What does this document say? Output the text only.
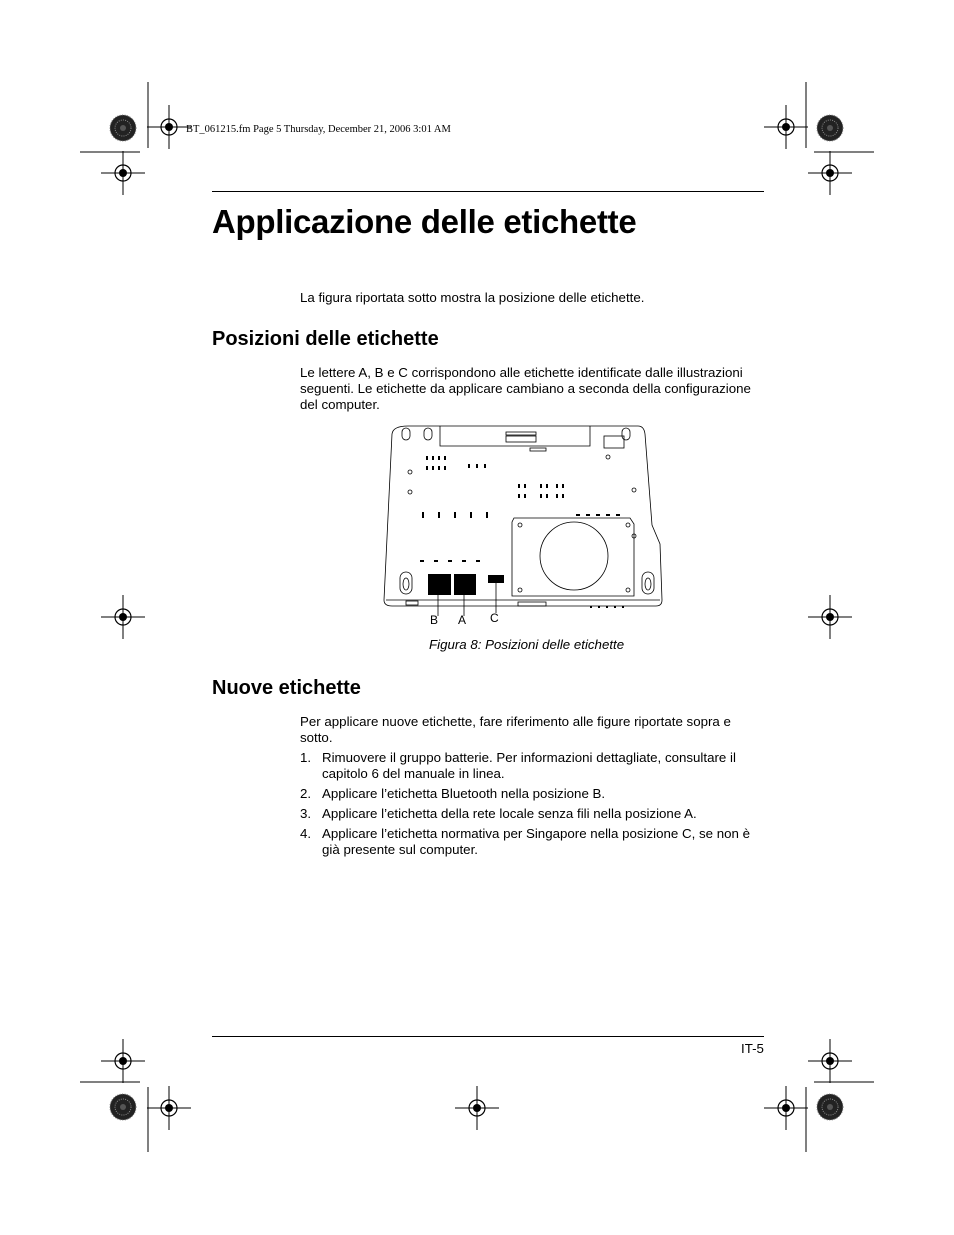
BT_061215.fm Page 5 Thursday, December 21, 2006 3:01 AM
Applicazione delle etichette

La figura riportata sotto mostra la posizione delle etichette.

Posizioni delle etichette

Le lettere A, B e C corrispondono alle etichette identificate dalle illustrazioni seguenti. Le etichette da applicare cambiano a seconda della configurazione del computer.

B A C
Figura 8: Posizioni delle etichette
Nuove etichette

Per applicare nuove etichette, fare riferimento alle figure riportate sopra e sotto.

1. Rimuovere il gruppo batterie. Per informazioni dettagliate, consultare il capitolo 6 del manuale in linea.
2. Applicare l’etichetta Bluetooth nella posizione B.
3. Applicare l’etichetta della rete locale senza fili nella posizione A.
4. Applicare l’etichetta normativa per Singapore nella posizione C, se non è già presente sul computer.
IT-5
